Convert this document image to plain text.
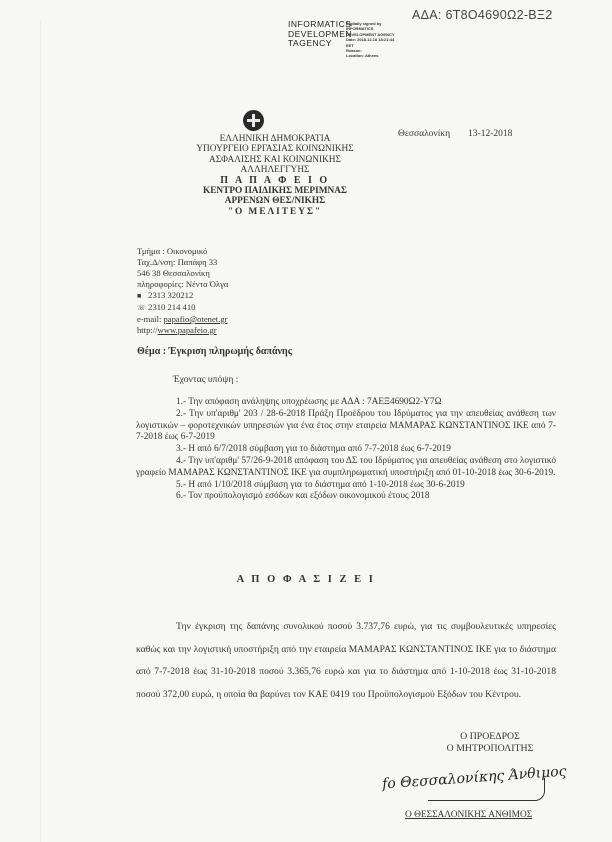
ΑΔΑ: 6Τ8Ο4690Ω2-ΒΞ2
INFORMATICS
DEVELOPMEN
TAGENCY
Digitally signed by
INFORMATICS
DEVELOPMENT AGENCY
Date: 2018.12.18 18:21:44
EET
Reason:
Location: Athens
ΕΛΛΗΝΙΚΗ ΔΗΜΟΚΡΑΤΙΑ
ΥΠΟΥΡΓΕΙΟ ΕΡΓΑΣΙΑΣ ΚΟΙΝΩΝΙΚΗΣ
ΑΣΦΑΛΙΣΗΣ ΚΑΙ ΚΟΙΝΩΝΙΚΗΣ
ΑΛΛΗΛΕΓΓΥΗΣ
Π Α Π Α Φ Ε Ι Ο
ΚΕΝΤΡΟ ΠΑΙΔΙΚΗΣ ΜΕΡΙΜΝΑΣ
ΑΡΡΕΝΩΝ ΘΕΣ/ΝΙΚΗΣ
"Ο ΜΕΛΙΤΕΥΣ"
Θεσσαλονίκη 13-12-2018
Τμήμα : Οικονομικό
Ταχ.Δ/νση: Παπάφη 33
546 38 Θεσσαλονίκη
πληροφορίες: Νέντα Όλγα
■ 2313 320212
☏ 2310 214 410
e-mail: papafio@otenet.gr
http://www.papafeio.gr
Θέμα : Έγκριση πληρωμής δαπάνης
Έχοντας υπόψη :
1.- Την απόφαση ανάληψης υποχρέωσης με ΑΔΑ : 7ΑΕΞ4690Ω2-Υ7Ω
2.- Την υπ'αριθμ' 203 / 28-6-2018 Πράξη Προέδρου του Ιδρύματος για την απευθείας ανάθεση των λογιστικών – φοροτεχνικών υπηρεσιών για ένα έτος στην εταιρεία ΜΑΜΑΡΑΣ ΚΩΝΣΤΑΝΤΙΝΟΣ ΙΚΕ από 7-7-2018 έως 6-7-2019
3.- Η από 6/7/2018 σύμβαση για το διάστημα από 7-7-2018 έως 6-7-2019
4.- Την υπ'αριθμ' 57/26-9-2018 απόφαση του ΔΣ του Ιδρύματος για απευθείας ανάθεση στο λογιστικό γραφείο ΜΑΜΑΡΑΣ ΚΩΝΣΤΑΝΤΙΝΟΣ ΙΚΕ για συμπληρωματική υποστήριξη από 01-10-2018 έως 30-6-2019.
5.- Η από 1/10/2018 σύμβαση για το διάστημα από 1-10-2018 έως 30-6-2019
6.- Τον προϋπολογισμό εσόδων και εξόδων οικονομικού έτους 2018
Α Π Ο Φ Α Σ Ι Ζ Ε Ι

Την έγκριση της δαπάνης συνολικού ποσού 3.737,76 ευρώ, για τις συμβουλευτικές υπηρεσίες καθώς και την λογιστική υποστήριξη από την εταιρεία ΜΑΜΑΡΑΣ ΚΩΝΣΤΑΝΤΙΝΟΣ ΙΚΕ για το διάστημα από 7-7-2018 έως 31-10-2018 ποσού 3.365,76 ευρώ και για το διάστημα από 1-10-2018 έως 31-10-2018 ποσού 372,00 ευρώ, η οποία θα βαρύνει τον ΚΑΕ 0419 του Προϋπολογισμού Εξόδων του Κέντρου.

Ο ΠΡΟΕΔΡΟΣ
Ο ΜΗΤΡΟΠΟΛΙΤΗΣ
fo Θεσσαλονίκης Άνθιμος
Ο ΘΕΣΣΑΛΟΝΙΚΗΣ ΑΝΘΙΜΟΣ
